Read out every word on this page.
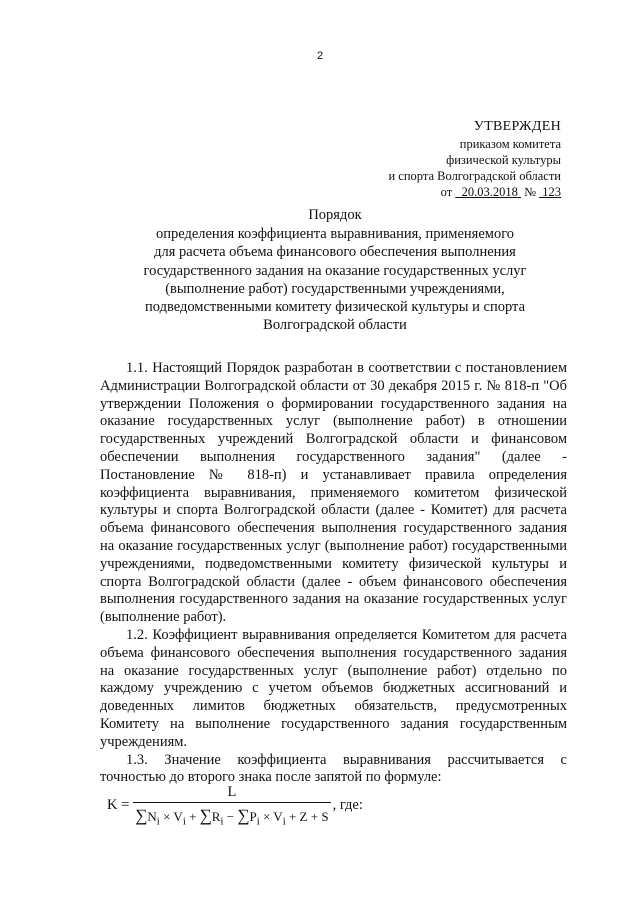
2
УТВЕРЖДЕН
приказом комитета
физической культуры
и спорта Волгоградской области
от 20.03.2018 № 123
Порядок
определения коэффициента выравнивания, применяемого
для расчета объема финансового обеспечения выполнения
государственного задания на оказание государственных услуг
(выполнение работ) государственными учреждениями,
подведомственными комитету физической культуры и спорта
Волгоградской области

1.1. Настоящий Порядок разработан в соответствии с постановлением Администрации Волгоградской области от 30 декабря 2015 г. № 818-п "Об утверждении Положения о формировании государственного задания на оказание государственных услуг (выполнение работ) в отношении государственных учреждений Волгоградской области и финансовом обеспечении выполнения государственного задания" (далее - Постановление № 818-п) и устанавливает правила определения коэффициента выравнивания, применяемого комитетом физической культуры и спорта Волгоградской области (далее - Комитет) для расчета объема финансового обеспечения выполнения государственного задания на оказание государственных услуг (выполнение работ) государственными учреждениями, подведомственными комитету физической культуры и спорта Волгоградской области (далее - объем финансового обеспечения выполнения государственного задания на оказание государственных услуг (выполнение работ).

1.2. Коэффициент выравнивания определяется Комитетом для расчета объема финансового обеспечения выполнения государственного задания на оказание государственных услуг (выполнение работ) отдельно по каждому учреждению с учетом объемов бюджетных ассигнований и доведенных лимитов бюджетных обязательств, предусмотренных Комитету на выполнение государственного задания государственным учреждениям.

1.3. Значение коэффициента выравнивания рассчитывается с точностью до второго знака после запятой по формуле:

$K = \frac{L}{\sum N_i \times V_i + \sum R_i - \sum P_i \times V_i + Z + S}$ , где:
